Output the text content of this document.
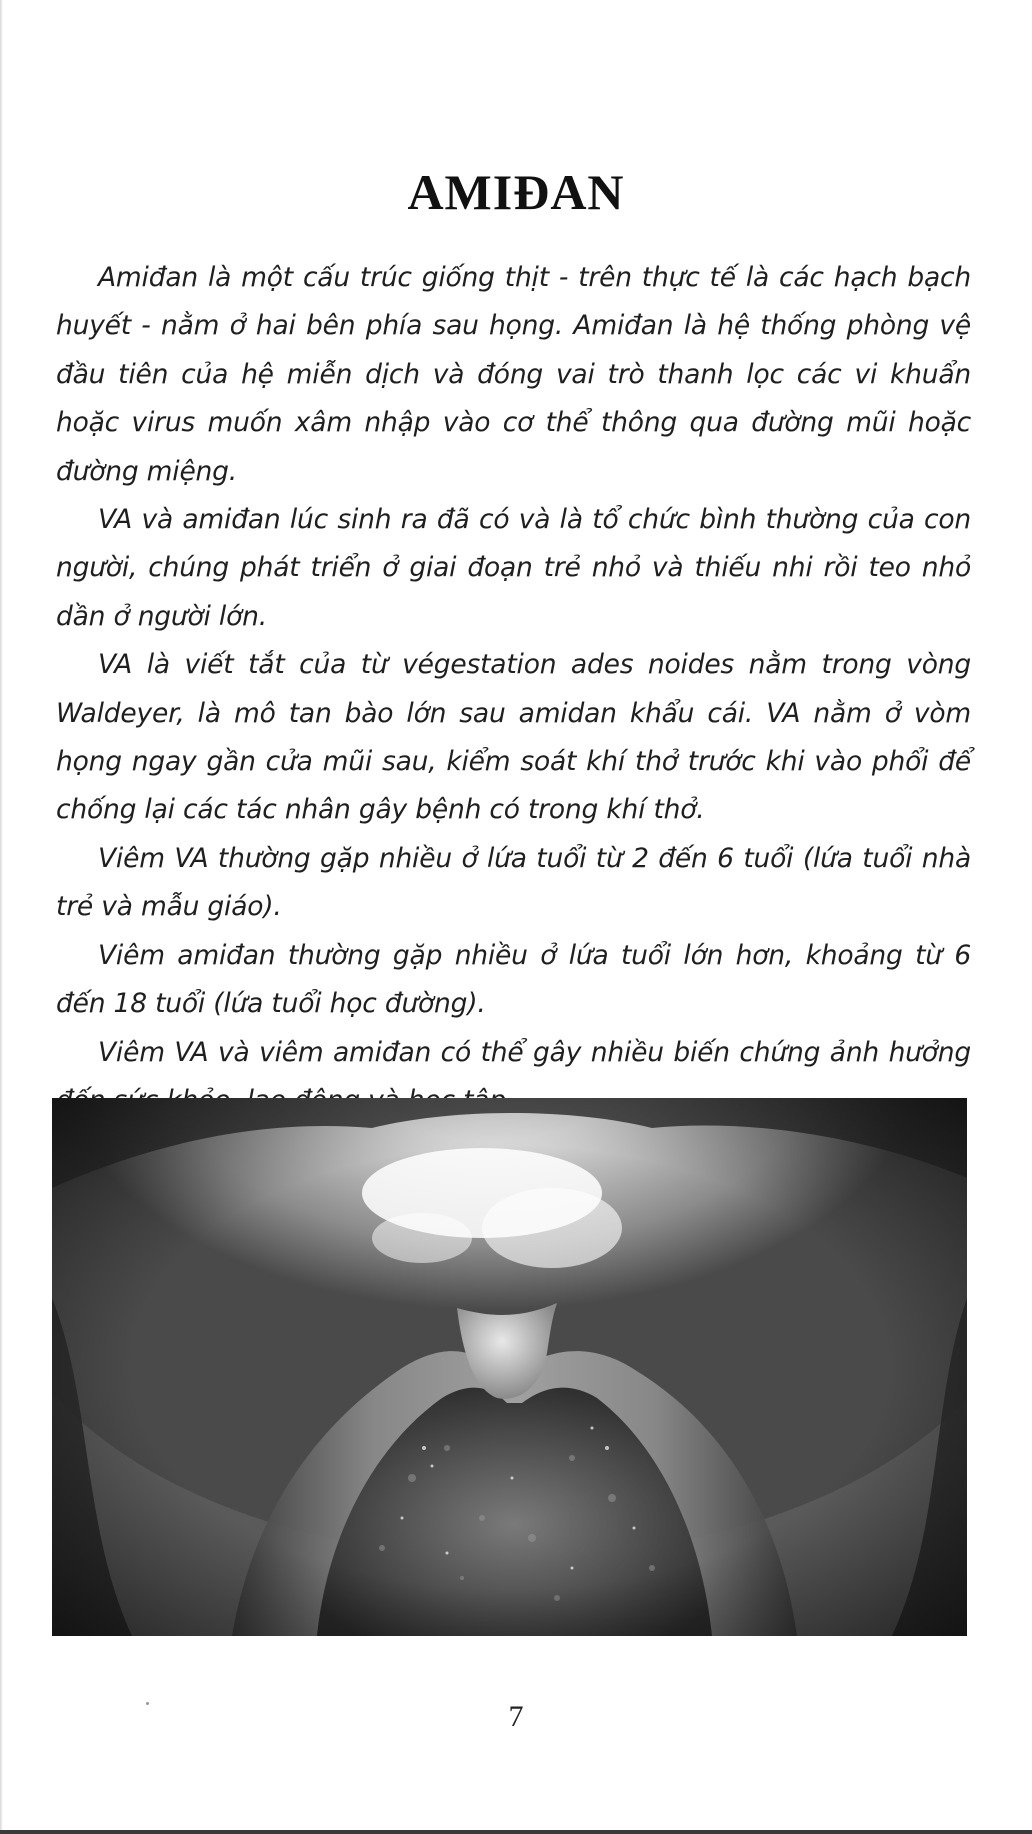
AMIĐAN

Amiđan là một cấu trúc giống thịt - trên thực tế là các hạch bạch huyết - nằm ở hai bên phía sau họng. Amiđan là hệ thống phòng vệ đầu tiên của hệ miễn dịch và đóng vai trò thanh lọc các vi khuẩn hoặc virus muốn xâm nhập vào cơ thể thông qua đường mũi hoặc đường miệng.

VA và amiđan lúc sinh ra đã có và là tổ chức bình thường của con người, chúng phát triển ở giai đoạn trẻ nhỏ và thiếu nhi rồi teo nhỏ dần ở người lớn.

VA là viết tắt của từ végestation ades noides nằm trong vòng Waldeyer, là mô tan bào lớn sau amidan khẩu cái. VA nằm ở vòm họng ngay gần cửa mũi sau, kiểm soát khí thở trước khi vào phổi để chống lại các tác nhân gây bệnh có trong khí thở.

Viêm VA thường gặp nhiều ở lứa tuổi từ 2 đến 6 tuổi (lứa tuổi nhà trẻ và mẫu giáo).

Viêm amiđan thường gặp nhiều ở lứa tuổi lớn hơn, khoảng từ 6 đến 18 tuổi (lứa tuổi học đường).

Viêm VA và viêm amiđan có thể gây nhiều biến chứng ảnh hưởng

7
